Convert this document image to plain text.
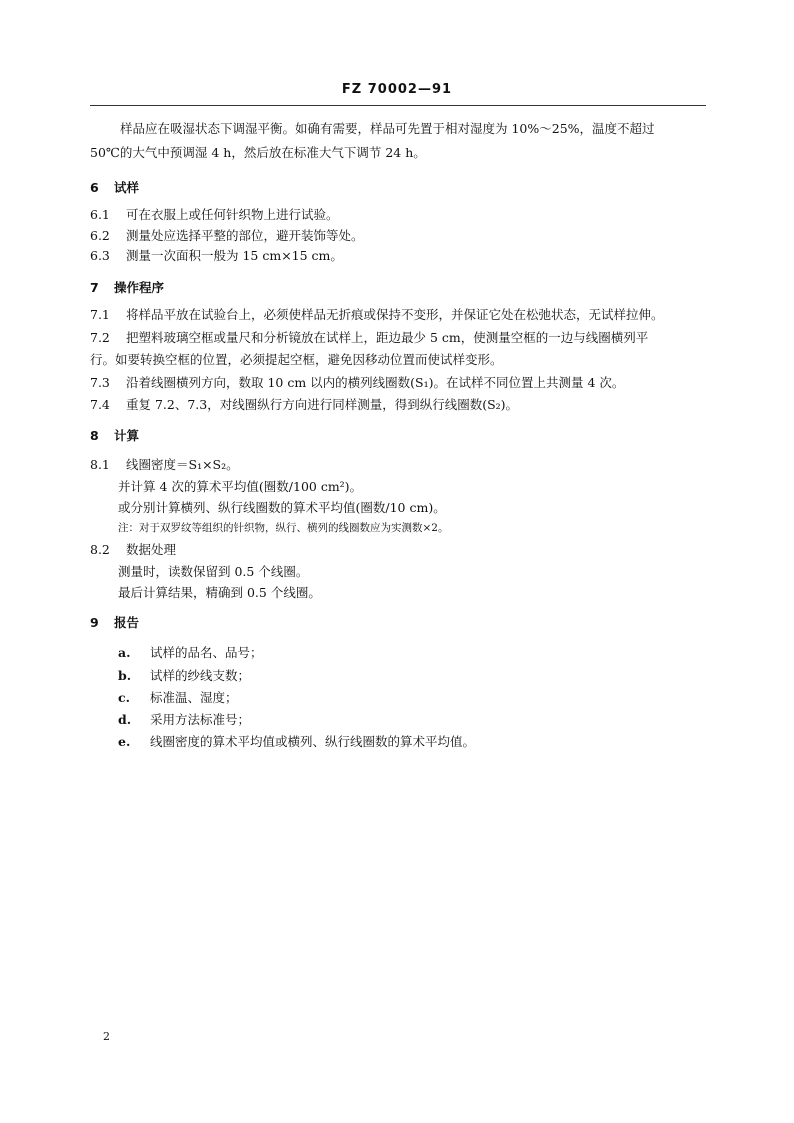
FZ 70002—91
样品应在吸湿状态下调湿平衡。如确有需要，样品可先置于相对湿度为 10%～25%，温度不超过
50℃的大气中预调湿 4 h，然后放在标准大气下调节 24 h。
6 试样
6.1 可在衣服上或任何针织物上进行试验。
6.2 测量处应选择平整的部位，避开装饰等处。
6.3 测量一次面积一般为 15 cm×15 cm。
7 操作程序
7.1 将样品平放在试验台上，必须使样品无折痕或保持不变形，并保证它处在松弛状态，无试样拉伸。
7.2 把塑料玻璃空框或量尺和分析镜放在试样上，距边最少 5 cm，使测量空框的一边与线圈横列平
行。如要转换空框的位置，必须提起空框，避免因移动位置而使试样变形。
7.3 沿着线圈横列方向，数取 10 cm 以内的横列线圈数(S₁)。在试样不同位置上共测量 4 次。
7.4 重复 7.2、7.3，对线圈纵行方向进行同样测量，得到纵行线圈数(S₂)。
8 计算
8.1 线圈密度＝S₁×S₂。
并计算 4 次的算术平均值(圈数/100 cm²)。
或分别计算横列、纵行线圈数的算术平均值(圈数/10 cm)。
注：对于双罗纹等组织的针织物，纵行、横列的线圈数应为实测数×2。
8.2 数据处理
测量时，读数保留到 0.5 个线圈。
最后计算结果，精确到 0.5 个线圈。
9 报告
a. 试样的品名、品号；
b. 试样的纱线支数；
c. 标准温、湿度；
d. 采用方法标准号；
e. 线圈密度的算术平均值或横列、纵行线圈数的算术平均值。
2
